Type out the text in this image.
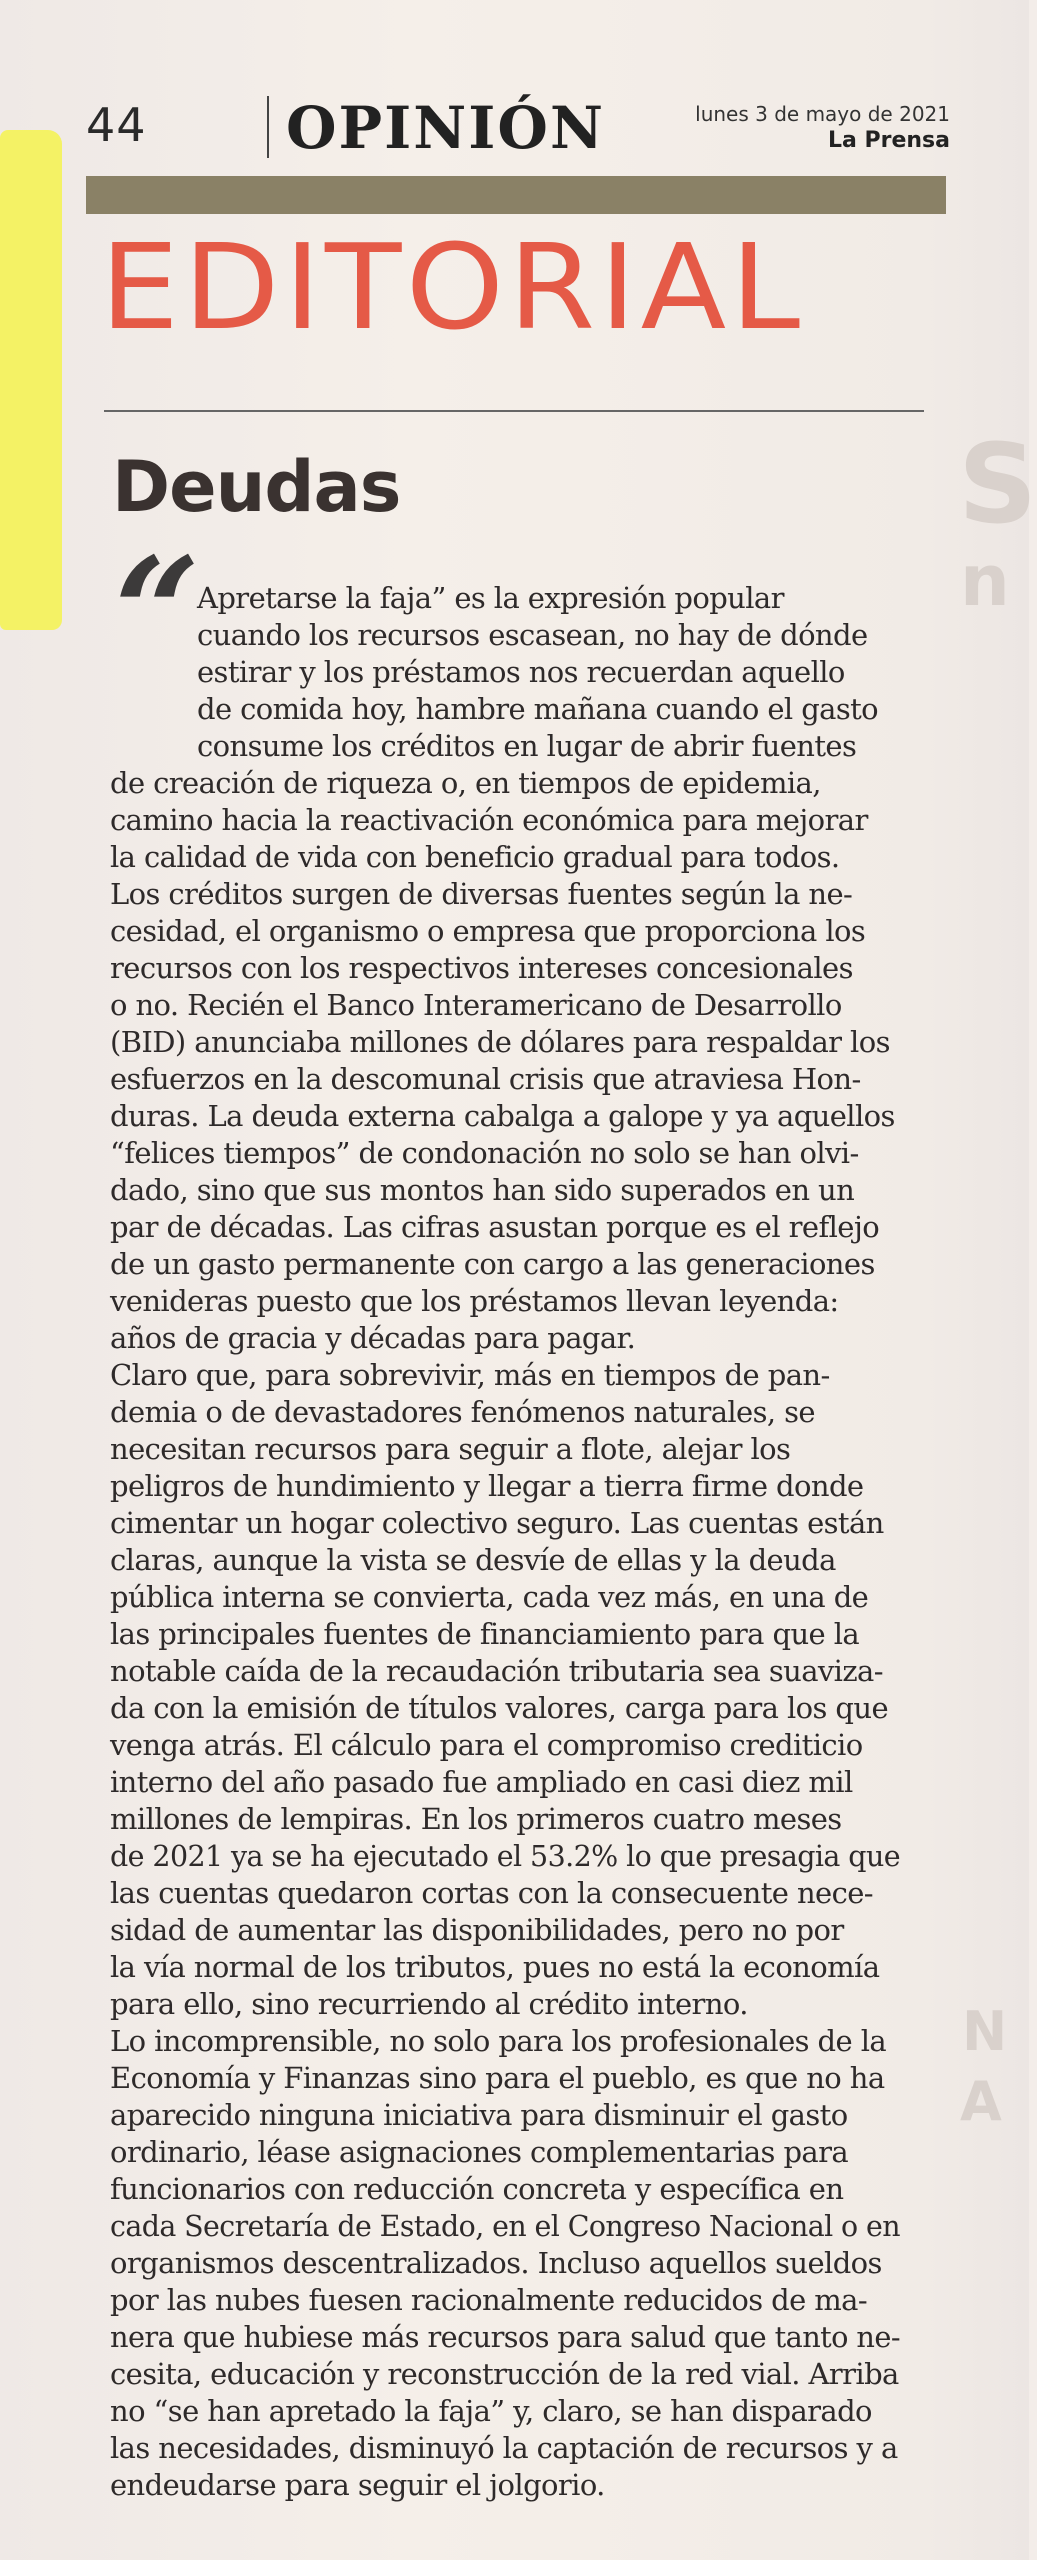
S
n
N
A
44 OPINIÓN	lunes 3 de mayo de 2021
La Prensa
EDITORIAL
Deudas
“
Apretarse la faja” es la expresión popular
cuando los recursos escasean, no hay de dónde
estirar y los préstamos nos recuerdan aquello
de comida hoy, hambre mañana cuando el gasto
consume los créditos en lugar de abrir fuentes
de creación de riqueza o, en tiempos de epidemia,
camino hacia la reactivación económica para mejorar
la calidad de vida con beneficio gradual para todos.
Los créditos surgen de diversas fuentes según la ne-
cesidad, el organismo o empresa que proporciona los
recursos con los respectivos intereses concesionales
o no. Recién el Banco Interamericano de Desarrollo
(BID) anunciaba millones de dólares para respaldar los
esfuerzos en la descomunal crisis que atraviesa Hon-
duras. La deuda externa cabalga a galope y ya aquellos
“felices tiempos” de condonación no solo se han olvi-
dado, sino que sus montos han sido superados en un
par de décadas. Las cifras asustan porque es el reflejo
de un gasto permanente con cargo a las generaciones
venideras puesto que los préstamos llevan leyenda:
años de gracia y décadas para pagar.
Claro que, para sobrevivir, más en tiempos de pan-
demia o de devastadores fenómenos naturales, se
necesitan recursos para seguir a flote, alejar los
peligros de hundimiento y llegar a tierra firme donde
cimentar un hogar colectivo seguro. Las cuentas están
claras, aunque la vista se desvíe de ellas y la deuda
pública interna se convierta, cada vez más, en una de
las principales fuentes de financiamiento para que la
notable caída de la recaudación tributaria sea suaviza-
da con la emisión de títulos valores, carga para los que
venga atrás. El cálculo para el compromiso crediticio
interno del año pasado fue ampliado en casi diez mil
millones de lempiras. En los primeros cuatro meses
de 2021 ya se ha ejecutado el 53.2% lo que presagia que
las cuentas quedaron cortas con la consecuente nece-
sidad de aumentar las disponibilidades, pero no por
la vía normal de los tributos, pues no está la economía
para ello, sino recurriendo al crédito interno.
Lo incomprensible, no solo para los profesionales de la
Economía y Finanzas sino para el pueblo, es que no ha
aparecido ninguna iniciativa para disminuir el gasto
ordinario, léase asignaciones complementarias para
funcionarios con reducción concreta y específica en
cada Secretaría de Estado, en el Congreso Nacional o en
organismos descentralizados. Incluso aquellos sueldos
por las nubes fuesen racionalmente reducidos de ma-
nera que hubiese más recursos para salud que tanto ne-
cesita, educación y reconstrucción de la red vial. Arriba
no “se han apretado la faja” y, claro, se han disparado
las necesidades, disminuyó la captación de recursos y a
endeudarse para seguir el jolgorio.
